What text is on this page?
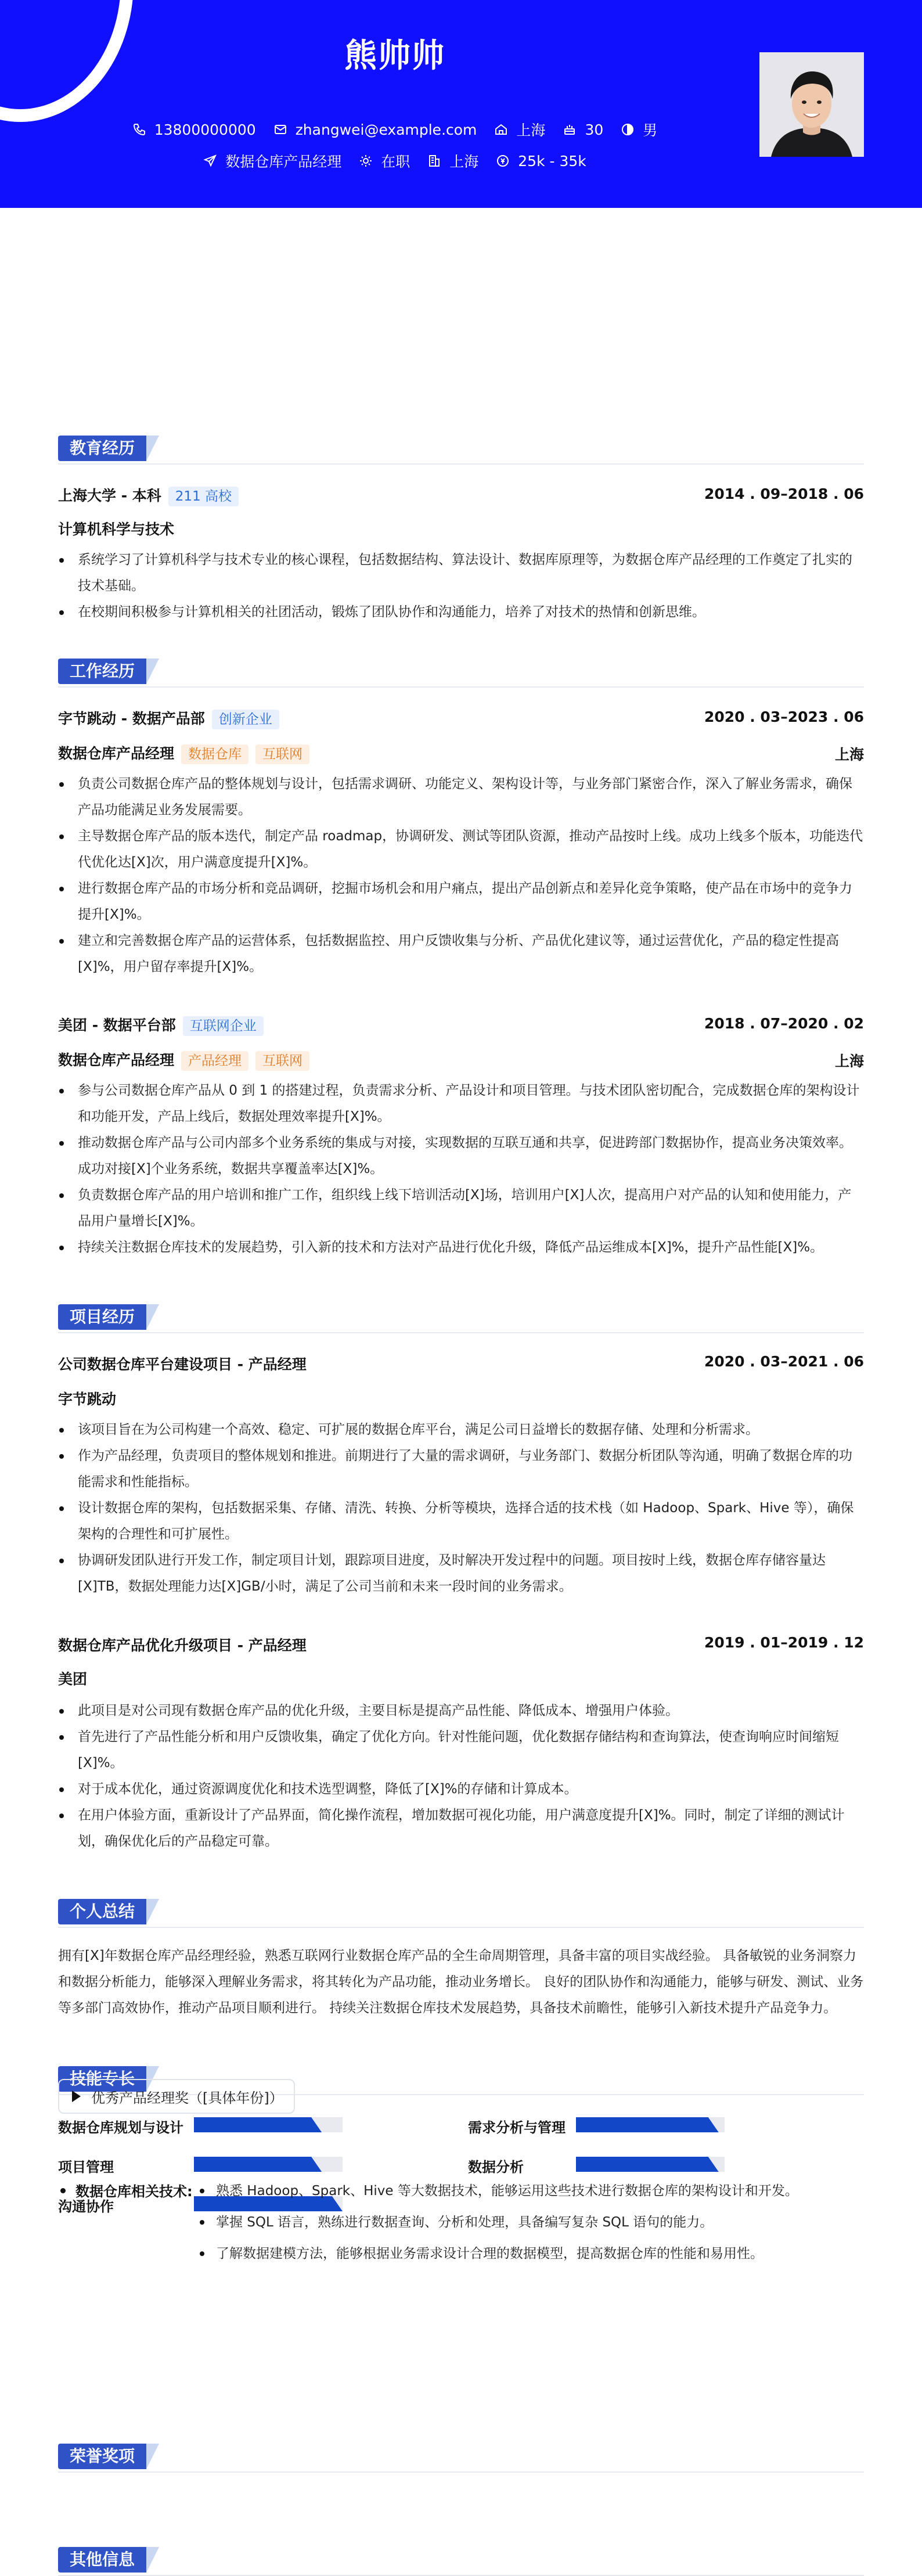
熊帅帅
13800000000	zhangwei@example.com	上海	30	男
数据仓库产品经理	在职	上海	25k - 35k
教育经历
上海大学 - 本科 211 高校	2014 . 09–2018 . 06
计算机科学与技术
系统学习了计算机科学与技术专业的核心课程，包括数据结构、算法设计、数据库原理等，为数据仓库产品经理的工作奠定了扎实的技术基础。
在校期间积极参与计算机相关的社团活动，锻炼了团队协作和沟通能力，培养了对技术的热情和创新思维。
工作经历
字节跳动 - 数据产品部 创新企业	2020 . 03–2023 . 06
数据仓库产品经理 数据仓库 互联网	上海
负责公司数据仓库产品的整体规划与设计，包括需求调研、功能定义、架构设计等，与业务部门紧密合作，深入了解业务需求，确保产品功能满足业务发展需要。
主导数据仓库产品的版本迭代，制定产品 roadmap，协调研发、测试等团队资源，推动产品按时上线。成功上线多个版本，功能迭代代优化达[X]次，用户满意度提升[X]%。
进行数据仓库产品的市场分析和竞品调研，挖掘市场机会和用户痛点，提出产品创新点和差异化竞争策略，使产品在市场中的竞争力提升[X]%。
建立和完善数据仓库产品的运营体系，包括数据监控、用户反馈收集与分析、产品优化建议等，通过运营优化，产品的稳定性提高[X]%，用户留存率提升[X]%。
美团 - 数据平台部 互联网企业	2018 . 07–2020 . 02
数据仓库产品经理 产品经理 互联网	上海
参与公司数据仓库产品从 0 到 1 的搭建过程，负责需求分析、产品设计和项目管理。与技术团队密切配合，完成数据仓库的架构设计和功能开发，产品上线后，数据处理效率提升[X]%。
推动数据仓库产品与公司内部多个业务系统的集成与对接，实现数据的互联互通和共享，促进跨部门数据协作，提高业务决策效率。成功对接[X]个业务系统，数据共享覆盖率达[X]%。
负责数据仓库产品的用户培训和推广工作，组织线上线下培训活动[X]场，培训用户[X]人次，提高用户对产品的认知和使用能力，产品用户量增长[X]%。
持续关注数据仓库技术的发展趋势，引入新的技术和方法对产品进行优化升级，降低产品运维成本[X]%，提升产品性能[X]%。
项目经历
公司数据仓库平台建设项目 - 产品经理	2020 . 03–2021 . 06
字节跳动
该项目旨在为公司构建一个高效、稳定、可扩展的数据仓库平台，满足公司日益增长的数据存储、处理和分析需求。
作为产品经理，负责项目的整体规划和推进。前期进行了大量的需求调研，与业务部门、数据分析团队等沟通，明确了数据仓库的功能需求和性能指标。
设计数据仓库的架构，包括数据采集、存储、清洗、转换、分析等模块，选择合适的技术栈（如 Hadoop、Spark、Hive 等），确保架构的合理性和可扩展性。
协调研发团队进行开发工作，制定项目计划，跟踪项目进度，及时解决开发过程中的问题。项目按时上线，数据仓库存储容量达[X]TB，数据处理能力达[X]GB/小时，满足了公司当前和未来一段时间的业务需求。
数据仓库产品优化升级项目 - 产品经理	2019 . 01–2019 . 12
美团
此项目是对公司现有数据仓库产品的优化升级，主要目标是提高产品性能、降低成本、增强用户体验。
首先进行了产品性能分析和用户反馈收集，确定了优化方向。针对性能问题，优化数据存储结构和查询算法，使查询响应时间缩短[X]%。
对于成本优化，通过资源调度优化和技术选型调整，降低了[X]%的存储和计算成本。
在用户体验方面，重新设计了产品界面，简化操作流程，增加数据可视化功能，用户满意度提升[X]%。同时，制定了详细的测试计划，确保优化后的产品稳定可靠。
个人总结
拥有[X]年数据仓库产品经理经验，熟悉互联网行业数据仓库产品的全生命周期管理，具备丰富的项目实战经验。 具备敏锐的业务洞察力和数据分析能力，能够深入理解业务需求，将其转化为产品功能，推动业务增长。 良好的团队协作和沟通能力，能够与研发、测试、业务等多部门高效协作，推动产品项目顺利进行。 持续关注数据仓库技术发展趋势，具备技术前瞻性，能够引入新技术提升产品竞争力。
技能专长
数据仓库规划与设计	需求分析与管理
项目管理	数据分析
沟通协作
荣誉奖项
其他信息
优秀产品经理奖（[具体年份]）
数据仓库相关技术:	熟悉 Hadoop、Spark、Hive 等大数据技术，能够运用这些技术进行数据仓库的架构设计和开发。
掌握 SQL 语言，熟练进行数据查询、分析和处理，具备编写复杂 SQL 语句的能力。
了解数据建模方法，能够根据业务需求设计合理的数据模型，提高数据仓库的性能和易用性。
